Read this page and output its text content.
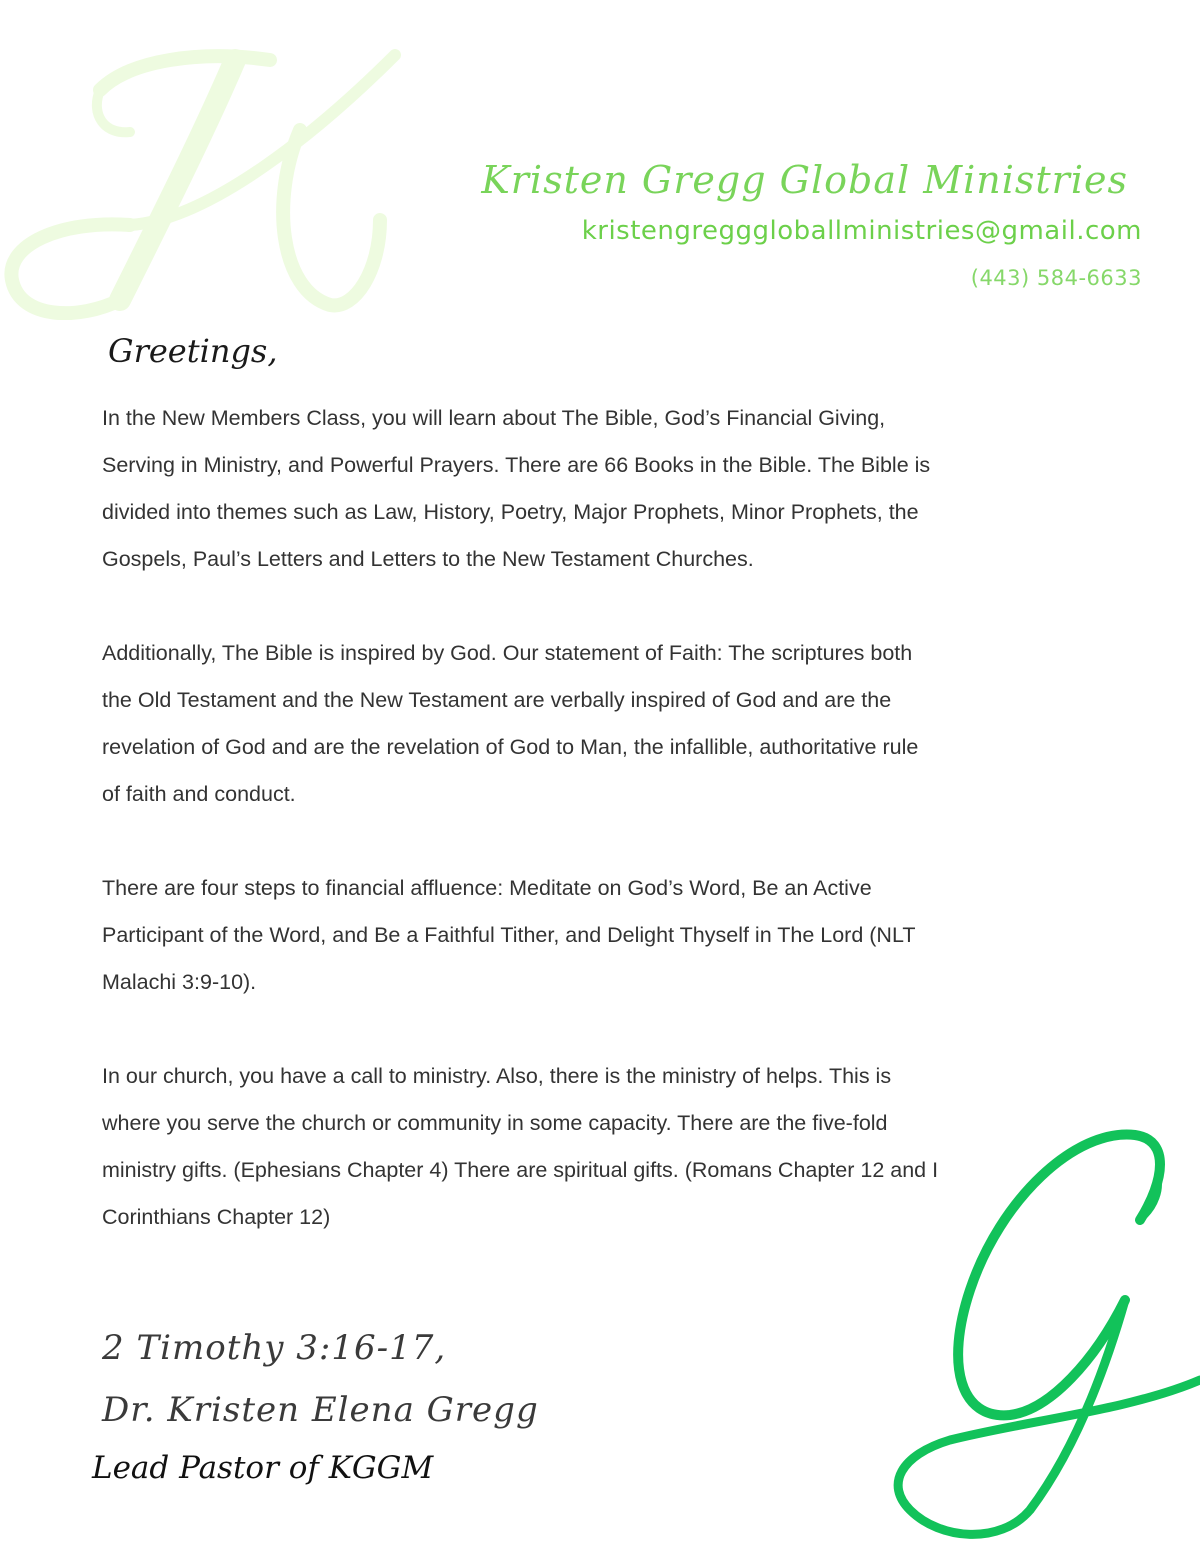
Kristen Gregg Global Ministries
kristengregggloballministries@gmail.com
(443) 584-6633
Greetings,

In the New Members Class, you will learn about The Bible, God’s Financial Giving, Serving in Ministry, and Powerful Prayers. There are 66 Books in the Bible. The Bible is divided into themes such as Law, History, Poetry, Major Prophets, Minor Prophets, the Gospels, Paul’s Letters and Letters to the New Testament Churches.

Additionally, The Bible is inspired by God. Our statement of Faith: The scriptures both the Old Testament and the New Testament are verbally inspired of God and are the revelation of God and are the revelation of God to Man, the infallible, authoritative rule of faith and conduct.

There are four steps to financial affluence: Meditate on God’s Word, Be an Active Participant of the Word, and Be a Faithful Tither, and Delight Thyself in The Lord (NLT Malachi 3:9-10).

In our church, you have a call to ministry. Also, there is the ministry of helps. This is where you serve the church or community in some capacity. There are the five-fold ministry gifts. (Ephesians Chapter 4) There are spiritual gifts. (Romans Chapter 12 and I Corinthians Chapter 12)

2 Timothy 3:16-17,
Dr. Kristen Elena Gregg
Lead Pastor of KGGM
